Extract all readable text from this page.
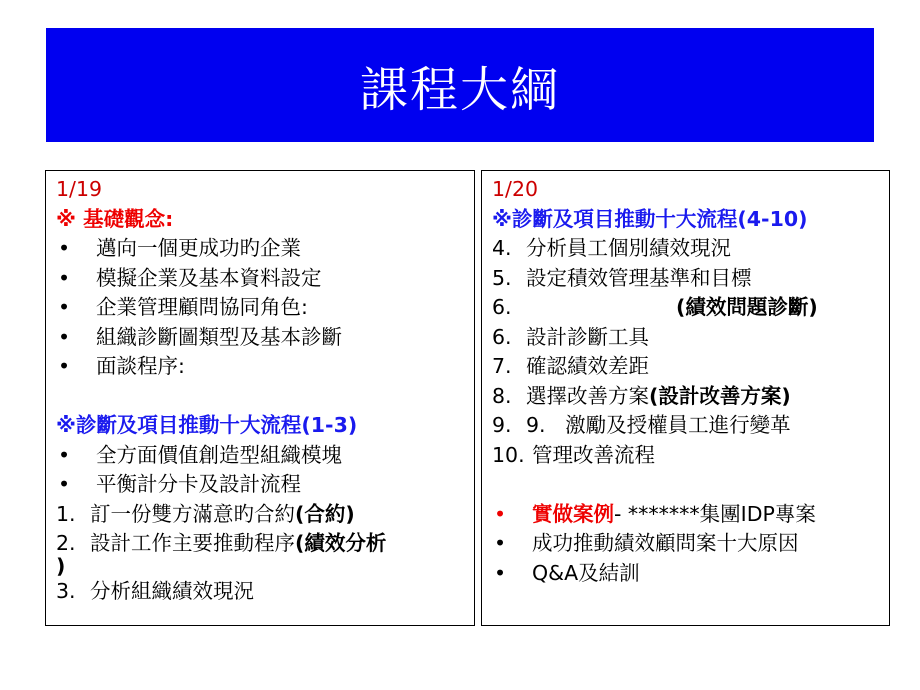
課程大綱
1/19
※ 基礎觀念:
•	邁向一個更成功旳企業
•	模擬企業及基本資料設定
•	企業管理顧問協同角色:
•	組織診斷圖類型及基本診斷
•	面談程序:
※診斷及項目推動十大流程(1-3)
•	全方面價值創造型組織模塊
•	平衡計分卡及設計流程
1. 訂一份雙方滿意旳合約 (合約)
2. 設計工作主要推動程序 (績效分析
)
3. 分析組織績效現況
1/20
※診斷及項目推動十大流程(4-10)
4. 分析員工個別績效現況
5. 設定積效管理基準和目標
6.	(績效問題診斷)
6. 設計診斷工具
7. 確認績效差距
8. 選擇改善方案 (設計改善方案)
9. 9.   激勵及授權員工進行變革
10. 管理改善流程
•	實做案例 - *******集團IDP專案
•	成功推動績效顧問案十大原因
•	Q&A及結訓
